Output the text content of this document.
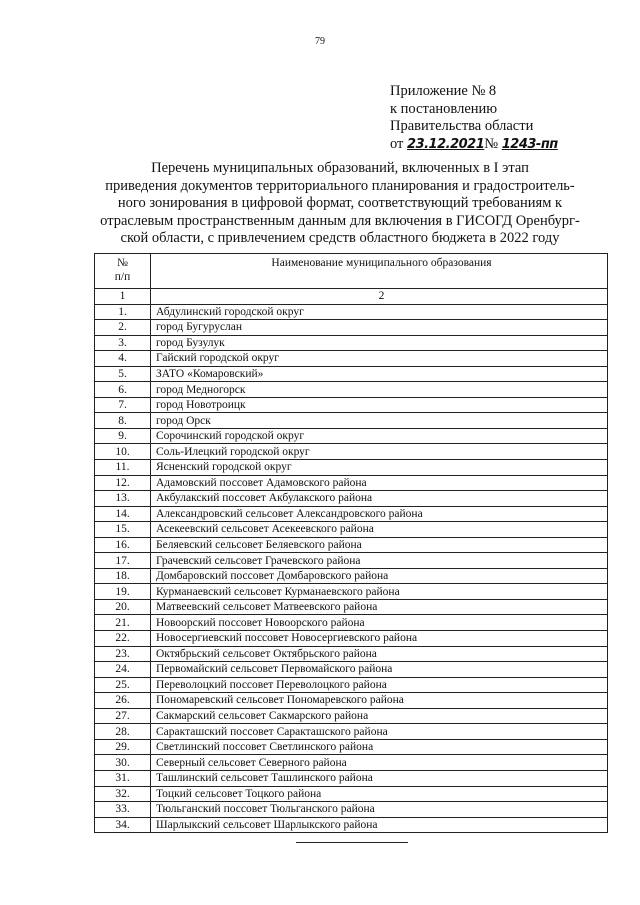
79
Приложение № 8
к постановлению
Правительства области
от 23.12.2021№ 1243-пп
Перечень муниципальных образований, включенных в I этап
приведения документов территориального планирования и градостроитель-
ного зонирования в цифровой формат, соответствующий требованиям к
отраслевым пространственным данным для включения в ГИСОГД Оренбург-
ской области, с привлечением средств областного бюджета в 2022 году
№
п/п	Наименование муниципального образования
1	2
1.	Абдулинский городской округ
2.	город Бугуруслан
3.	город Бузулук
4.	Гайский городской округ
5.	ЗАТО «Комаровский»
6.	город Медногорск
7.	город Новотроицк
8.	город Орск
9.	Сорочинский городской округ
10.	Соль-Илецкий городской округ
11.	Ясненский городской округ
12.	Адамовский поссовет Адамовского района
13.	Акбулакский поссовет Акбулакского района
14.	Александровский сельсовет Александровского района
15.	Асекеевский сельсовет Асекеевского района
16.	Беляевский сельсовет Беляевского района
17.	Грачевский сельсовет Грачевского района
18.	Домбаровский поссовет Домбаровского района
19.	Курманаевский сельсовет Курманаевского района
20.	Матвеевский сельсовет Матвеевского района
21.	Новоорский поссовет Новоорского района
22.	Новосергиевский поссовет Новосергиевского района
23.	Октябрьский сельсовет Октябрьского района
24.	Первомайский сельсовет Первомайского района
25.	Переволоцкий поссовет Переволоцкого района
26.	Пономаревский сельсовет Пономаревского района
27.	Сакмарский сельсовет Сакмарского района
28.	Саракташский поссовет Саракташского района
29.	Светлинский поссовет Светлинского района
30.	Северный сельсовет Северного района
31.	Ташлинский сельсовет Ташлинского района
32.	Тоцкий сельсовет Тоцкого района
33.	Тюльганский поссовет Тюльганского района
34.	Шарлыкский сельсовет Шарлыкского района
